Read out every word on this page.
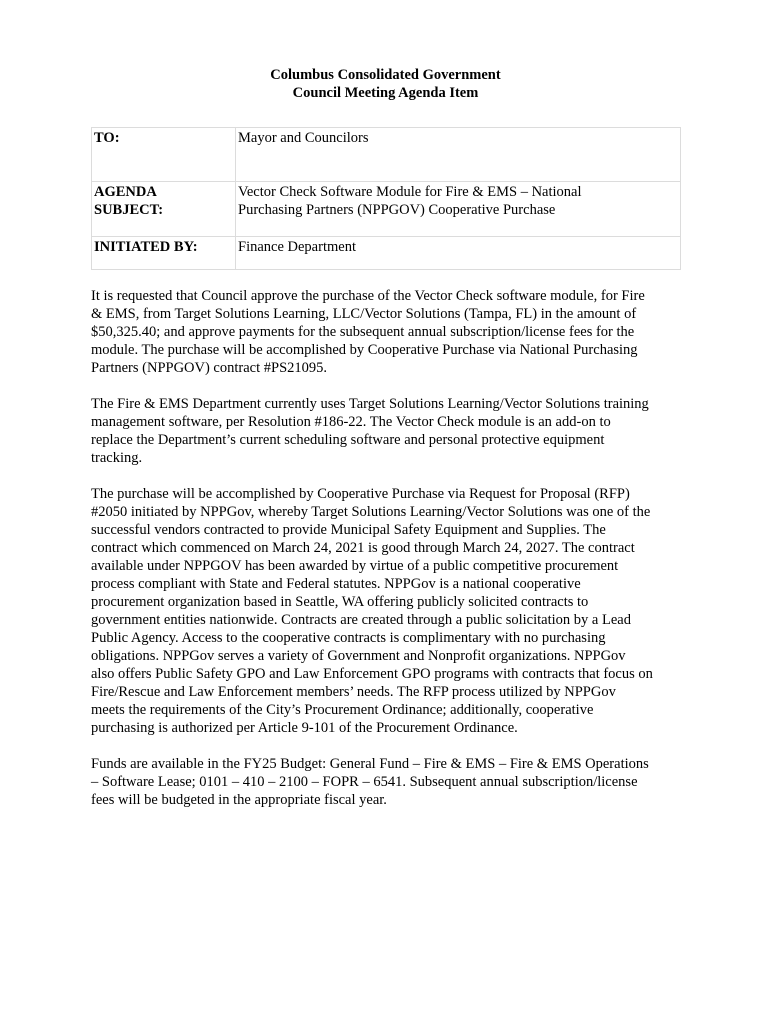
Columbus Consolidated Government
Council Meeting Agenda Item
TO:	Mayor and Councilors
AGENDA
SUBJECT:	Vector Check Software Module for Fire & EMS – National
Purchasing Partners (NPPGOV) Cooperative Purchase
INITIATED BY:	Finance Department

It is requested that Council approve the purchase of the Vector Check software module, for Fire
& EMS, from Target Solutions Learning, LLC/Vector Solutions (Tampa, FL) in the amount of
$50,325.40; and approve payments for the subsequent annual subscription/license fees for the
module. The purchase will be accomplished by Cooperative Purchase via National Purchasing
Partners (NPPGOV) contract #PS21095.

The Fire & EMS Department currently uses Target Solutions Learning/Vector Solutions training
management software, per Resolution #186-22. The Vector Check module is an add-on to
replace the Department’s current scheduling software and personal protective equipment
tracking.

The purchase will be accomplished by Cooperative Purchase via Request for Proposal (RFP)
#2050 initiated by NPPGov, whereby Target Solutions Learning/Vector Solutions was one of the
successful vendors contracted to provide Municipal Safety Equipment and Supplies. The
contract which commenced on March 24, 2021 is good through March 24, 2027. The contract
available under NPPGOV has been awarded by virtue of a public competitive procurement
process compliant with State and Federal statutes. NPPGov is a national cooperative
procurement organization based in Seattle, WA offering publicly solicited contracts to
government entities nationwide. Contracts are created through a public solicitation by a Lead
Public Agency. Access to the cooperative contracts is complimentary with no purchasing
obligations. NPPGov serves a variety of Government and Nonprofit organizations. NPPGov
also offers Public Safety GPO and Law Enforcement GPO programs with contracts that focus on
Fire/Rescue and Law Enforcement members’ needs. The RFP process utilized by NPPGov
meets the requirements of the City’s Procurement Ordinance; additionally, cooperative
purchasing is authorized per Article 9-101 of the Procurement Ordinance.

Funds are available in the FY25 Budget: General Fund – Fire & EMS – Fire & EMS Operations
– Software Lease; 0101 – 410 – 2100 – FOPR – 6541. Subsequent annual subscription/license
fees will be budgeted in the appropriate fiscal year.
